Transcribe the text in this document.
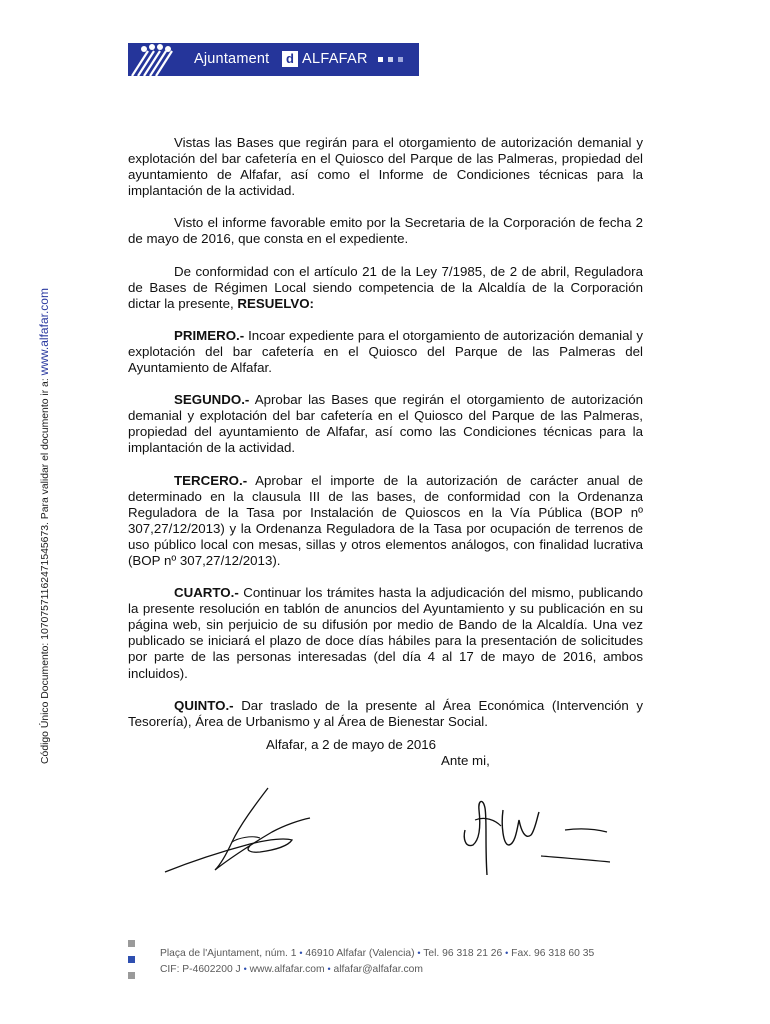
Ajuntament	d ALFAFAR
Código Único Documento: 10707571162471545673. Para validar el documento ir a: www.alfafar.com

Vistas las Bases que regirán para el otorgamiento de autorización demanial y explotación del bar cafetería en el Quiosco del Parque de las Palmeras, propiedad del ayuntamiento de Alfafar, así como el Informe de Condiciones técnicas para la implantación de la actividad.

Visto el informe favorable emito por la Secretaria de la Corporación de fecha 2 de mayo de 2016, que consta en el expediente.

De conformidad con el artículo 21 de la Ley 7/1985, de 2 de abril, Reguladora de Bases de Régimen Local siendo competencia de la Alcaldía de la Corporación dictar la presente, RESUELVO:

PRIMERO.- Incoar expediente para el otorgamiento de autorización demanial y explotación del bar cafetería en el Quiosco del Parque de las Palmeras del Ayuntamiento de Alfafar.

SEGUNDO.- Aprobar las Bases que regirán el otorgamiento de autorización demanial y explotación del bar cafetería en el Quiosco del Parque de las Palmeras, propiedad del ayuntamiento de Alfafar, así como las Condiciones técnicas para la implantación de la actividad.

TERCERO.- Aprobar el importe de la autorización de carácter anual de determinado en la clausula III de las bases, de conformidad con la Ordenanza Reguladora de la Tasa por Instalación de Quioscos en la Vía Pública (BOP nº 307,27/12/2013) y la Ordenanza Reguladora de la Tasa por ocupación de terrenos de uso público local con mesas, sillas y otros elementos análogos, con finalidad lucrativa (BOP nº 307,27/12/2013).

CUARTO.- Continuar los trámites hasta la adjudicación del mismo, publicando la presente resolución en tablón de anuncios del Ayuntamiento y su publicación en su página web, sin perjuicio de su difusión por medio de Bando de la Alcaldía. Una vez publicado se iniciará el plazo de doce días hábiles para la presentación de solicitudes por parte de las personas interesadas (del día 4 al 17 de mayo de 2016, ambos incluidos).

QUINTO.- Dar traslado de la presente al Área Económica (Intervención y Tesorería), Área de Urbanismo y al Área de Bienestar Social.

Alfafar, a 2 de mayo de 2016
Ante mi,
Plaça de l'Ajuntament, núm. 1 • 46910 Alfafar (Valencia) • Tel. 96 318 21 26 • Fax. 96 318 60 35
CIF: P-4602200 J • www.alfafar.com • alfafar@alfafar.com
